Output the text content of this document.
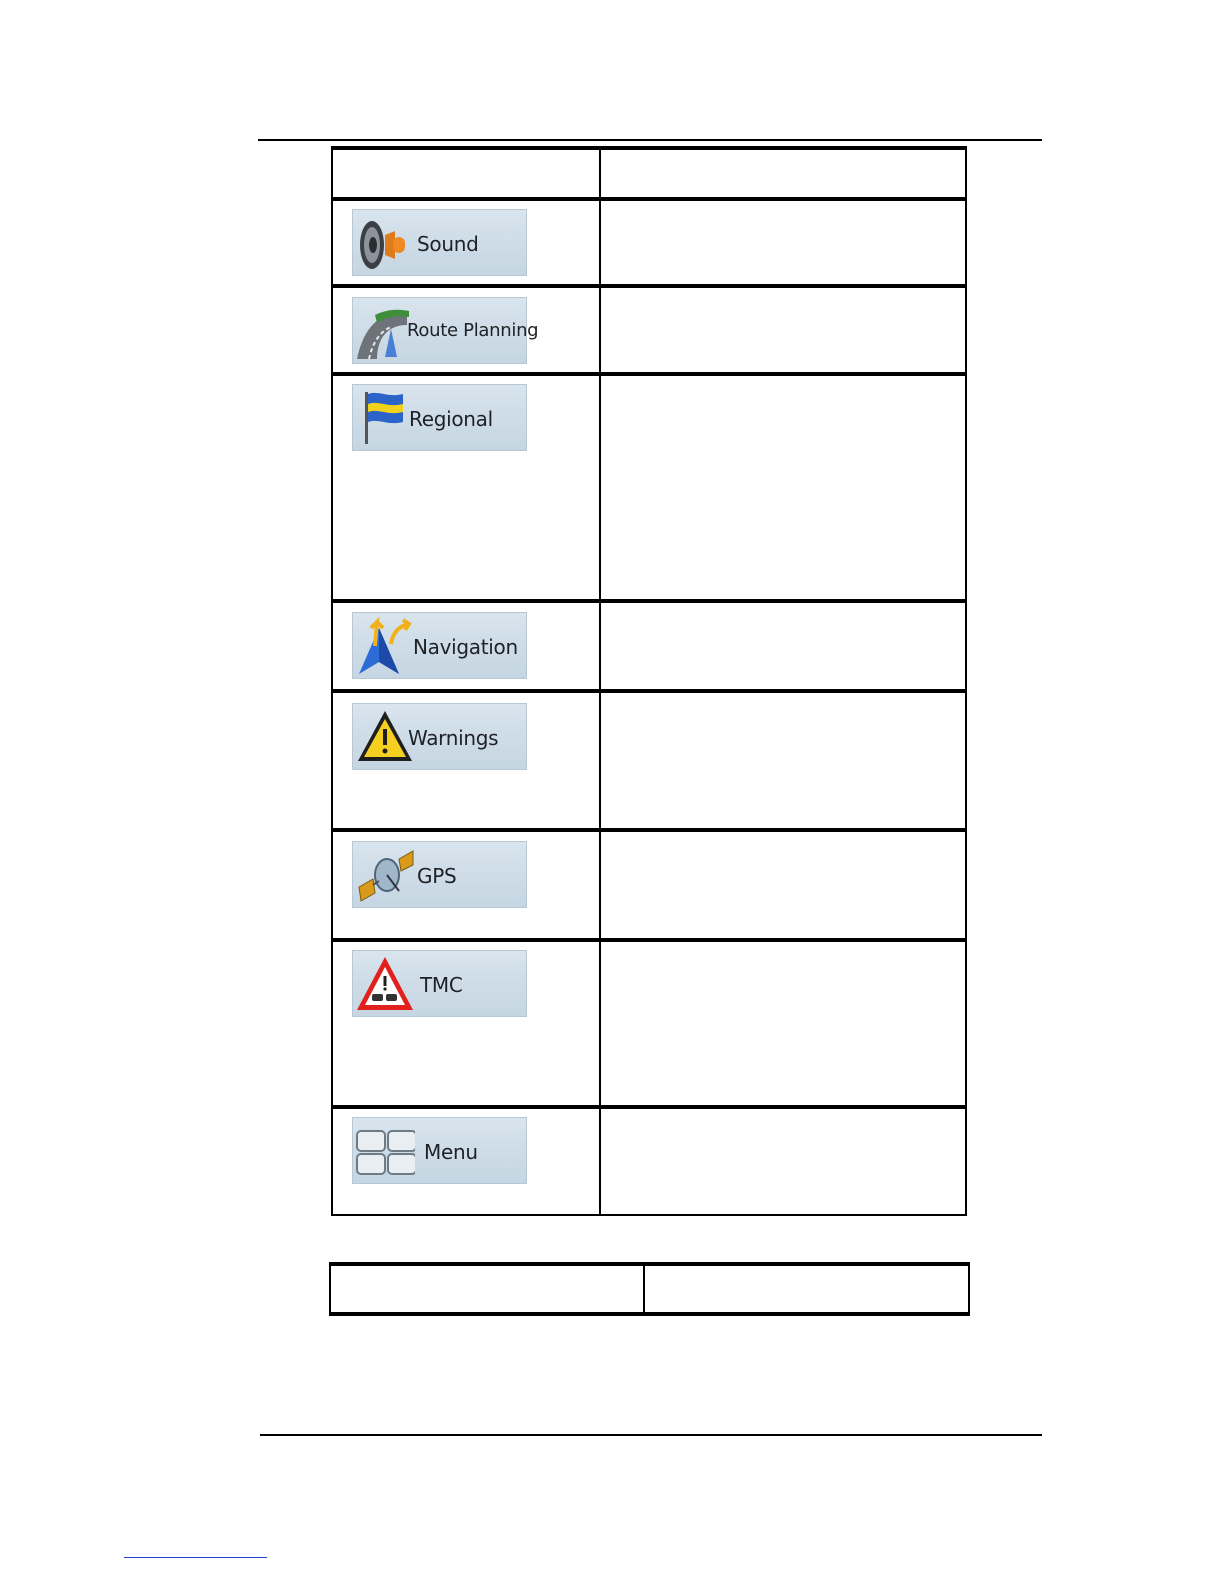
Sound
Route Planning
Regional
Navigation
Warnings
GPS
TMC
Menu
